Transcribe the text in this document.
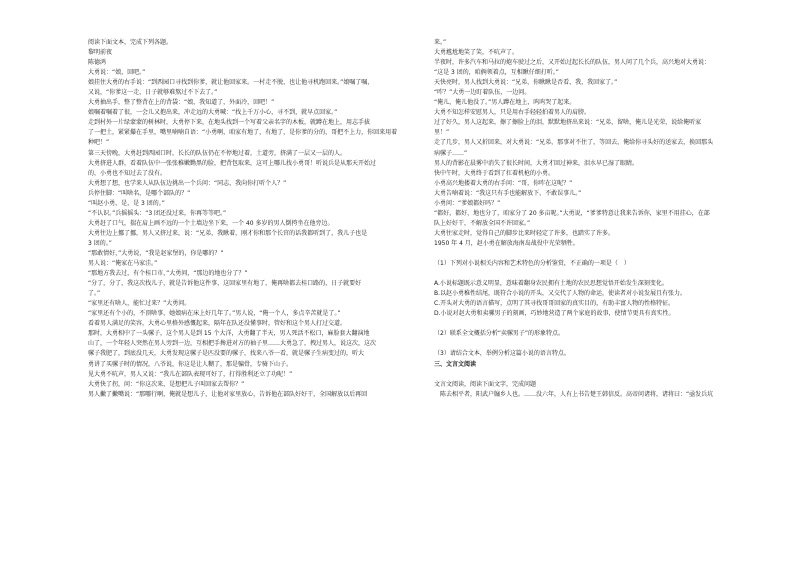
阅读下面文本，完成下列各题。
黎明前夜
陈德鸿
大勇说：“娘，回吧。”
娘挂住大勇的右手说：“到西园口寻找到你爹，就让他回家来。一村走不脱，也让他寻机跑回来。”娘嘱了嘱，
又说，“你爹这一走，日子就够难熬过不下去了。”
大勇抽出手，整了整背在上的背袋：“娘，我知道了，外面冷，回吧！”
娘嘱着嘱着了很，一会儿又抱出来，冲走远的大勇喊：“找上千万小心，寻不到，就早点回家。”
走到村外一片绿蒙蒙的树林时，大勇停下来，在地头找到一个写着父亲名字的木板，就蹲在地上，用志手拔
了一把土，紧紧攥在手里，嘴里喃喃自语：“小勇啊，咱家有地了，有地了，是你爹的分的，哥把不上力，你回来用着
种吧！”
第三天傍晚，大勇赶到西园口时，长长的队伍仍在不停地过着，土道旁，挤满了一层又一层的人。
大勇挤进人群，看着队伍中一张张稚嫩黝黑的脸，把背包取来，这可上哪儿找小勇哥！听说兵是从那天开始过
的，小勇也不知过去了没有。
大勇想了想，也学来人从队伍边挑出一个兵问：“同志，我向你打听个人？”
兵停住脚：“叫啥名，是哪个部队的？”
“叫赵小勇，是，是 3 团的。”
“不认识。”兵摇摇头：“3 团还没过来，你再等等吧。”
大勇赶了口气，揣在肩上画不远的一个土墙边坐下来，一个 40 多岁的男人倒挎坐在他旁边。
大勇往边上挪了挪，男人又挤过来，说：“兄弟，我瞅着，刚才你和那个长官的话我都听到了，我儿子也是
3 团的。”
“那敢情好，”大勇说，“我是赵家堡的，你是哪的？”
男人说：“俺家在马家洼。”
“那地方我去过，有个桂口市，”大勇问，“那边的地也分了？”
“分了，分了，我这次找儿子，就是告诉他这件事，这回家里有地了，俺再啥都去桂口路的，日子就要好
了。”
“家里还有啥人，能忙过来？”大勇问。
“家里还有个小的，不顶啥事，她娘病在床上好几年了。”男人说，“俺一个人，多点辛苦就是了。”
看着男人满足的笑容，大勇心里格外感慨起来，隔年在队还没懂事时，管好和这个男人打过交道。
那时，大勇相中了一头骡子，这个男人是到 15 个大洋，大勇翻了半天，男人死活不松口，麻脸套大翻演地
山了，一个年轻人突然在男人旁到一边，互相把手搀进对方的袖子里……大勇急了，拽过男人，说这次，这次
骡子我肥了，到底没几天，大勇发现这骡子是匹没要的骡子，找来八爷一看，就是骡子生病变过的，听大
勇讲了买骡子时的情况，八爷说，你这是让人糊了，那是骗骨，专骑下山子。
见大勇不吭声，男人又说：“我儿在部队表现可好了，打得胜利还立了功呢！”
大勇快了拐，问：“你这次来，是想把儿子叫回家去帮你？”
男人撇了撇嘴说：“那哪行啊，俺就是想儿子，让他对家里放心，告诉他在部队好好干，全国解放以后再回
来。”
大勇尴尬地笑了笑，不吭声了。
半夜时，许多汽车和马拉的炮车驶过之后，又开始过起长长的队伍，男人问了几个兵，高兴地对大勇说：
“这是 3 团的，咱俩领着点，互相瞅仔细打听。”
天快亮时，男人找到大勇说：“兄弟，你瞅瞅是否看，我，我回家了。”
“咋？”大勇一边盯着队伍，一边问。
“俺儿，俺儿他没了。”男人蹲在地上，呜呜哭了起来。
大勇不知怎样安慰男人，只是用右手轻轻拍着男人的肩膀。
过了好久，男人这起来，擦了擦脸上的泪，默默地挤出来说：“兄弟，留啥，俺儿是光荣，说给俺听家
里！”
走了几步，男人又折回来，对大勇说：“兄弟，那事对不住了，等回去，俺给你寻头好的送家去，换回那头
病骡子……”
男人的背影在晨雾中消失了很长时间，大勇才回过神来，泪水早已湿了眼睛。
快中午时，大勇终于看到了扛着机枪的小勇。
小勇高兴地搂着大勇的右手问：“哥，你咋在这呢？”
大勇告喃着说：“我这只有手也能解放下，不敢误事儿。”
小勇问：“爹娘都好吗？”
“都好，都好，地也分了，咱家分了 20 多亩呢。”大勇说，“爹爹特意让我来告诉你，家里不用挂心，在部
队上好好干，不解放全国不许回家。”
大勇往家走时，觉得自己的脚步比来时轻定了许多，也踏实了许多。
1950 年 4 月，赵小勇在解放海南岛战役中光荣牺牲。
（1）下列对小说相关内容和艺术特色的分析鉴赏，不正确的一项是（　）
A.小说标题既示意义明显，意味着翻身农民拥有土地的农民思想觉悟开始发生深刻变化。
B.以赵小勇稚性结尾，既符合小说的开头，又交代了人物的命运，使读者对小说发展且有张力。
C.开头对大勇的语言描写，点明了其寻找哥哥回家的真实目的，有助丰富人物的性格特征。
D.小说对赵大勇和卖骡男子的刻画，巧妙地营造了两个家庭的故事，使情节更具有真实性。
（2）联系全文概括分析“卖骡男子”的形象特点。
（3）请结合文本，举例分析这篇小说的语言特点。
三、文言文阅读
文言文阅读，阅读下面文字，完成问题
　陈去相平者，阳武户牖乡人也。……没六年，人有上书告楚王韩信反。高帝问诸将，诸将曰：“亟发兵坑
